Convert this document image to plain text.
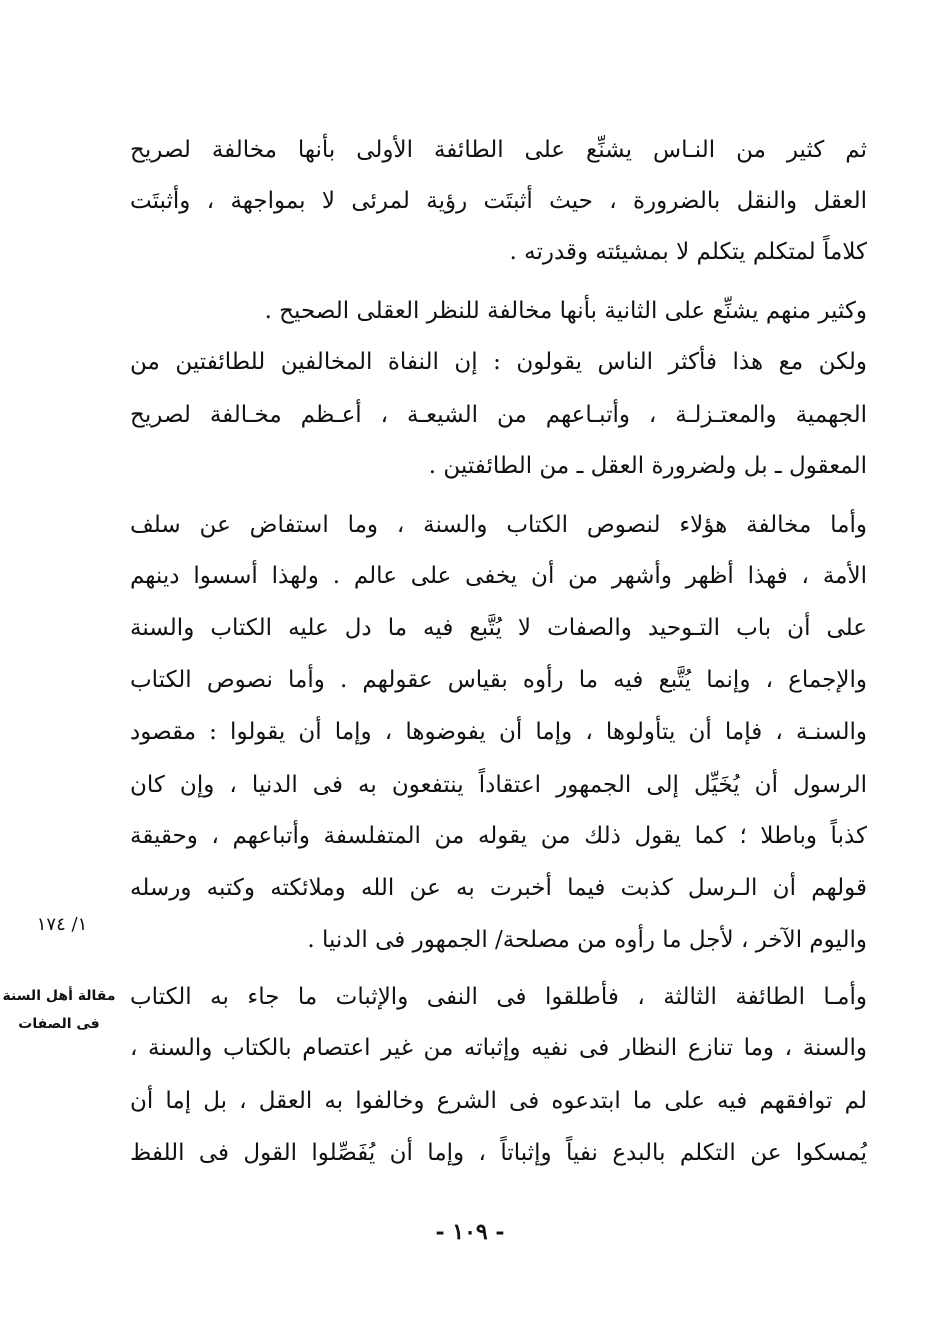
ثم كثير من النـاس يشنِّع على الطائفة الأولى بأنها مخالفة لصريح
العقل والنقل بالضرورة ، حيث أثبتَت رؤية لمرئى لا بمواجهة ، وأثبتَت
كلاماً لمتكلم يتكلم لا بمشيئته وقدرته .
وكثير منهم يشنِّع على الثانية بأنها مخالفة للنظر العقلى الصحيح .
ولكن مع هذا فأكثر الناس يقولون : إن النفاة المخالفين للطائفتين من
الجهمية والمعتـزلـة ، وأتبـاعهم من الشيعـة ، أعـظم مخـالفة لصريح
المعقول ـ بل ولضرورة العقل ـ من الطائفتين .
وأما مخالفة هؤلاء لنصوص الكتاب والسنة ، وما استفاض عن سلف
الأمة ، فهذا أظهر وأشهر من أن يخفى على عالم . ولهذا أسسوا دينهم
على أن باب التـوحيد والصفات لا يُتَّبع فيه ما دل عليه الكتاب والسنة
والإجماع ، وإنما يُتَّبع فيه ما رأوه بقياس عقولهم . وأما نصوص الكتاب
والسنـة ، فإما أن يتأولوها ، وإما أن يفوضوها ، وإما أن يقولوا : مقصود
الرسول أن يُخَيِّل إلى الجمهور اعتقاداً ينتفعون به فى الدنيا ، وإن كان
كذباً وباطلا ؛ كما يقول ذلك من يقوله من المتفلسفة وأتباعهم ، وحقيقة
قولهم أن الـرسل كذبت فيما أخبرت به عن الله وملائكته وكتبه ورسله
واليوم الآخر ، لأجل ما رأوه من مصلحة/ الجمهور فى الدنيا .
وأمـا الطائفة الثالثة ، فأطلقوا فى النفى والإثبات ما جاء به الكتاب
والسنة ، وما تنازع النظار فى نفيه وإثباته من غير اعتصام بالكتاب والسنة ،
لم توافقهم فيه على ما ابتدعوه فى الشرع وخالفوا به العقل ، بل إما أن
يُمسكوا عن التكلم بالبدع نفياً وإثباتاً ، وإما أن يُفَصِّلوا القول فى اللفظ
١/ ١٧٤
مقالة أهل السنة
فى الصفات
- ١٠٩ -
